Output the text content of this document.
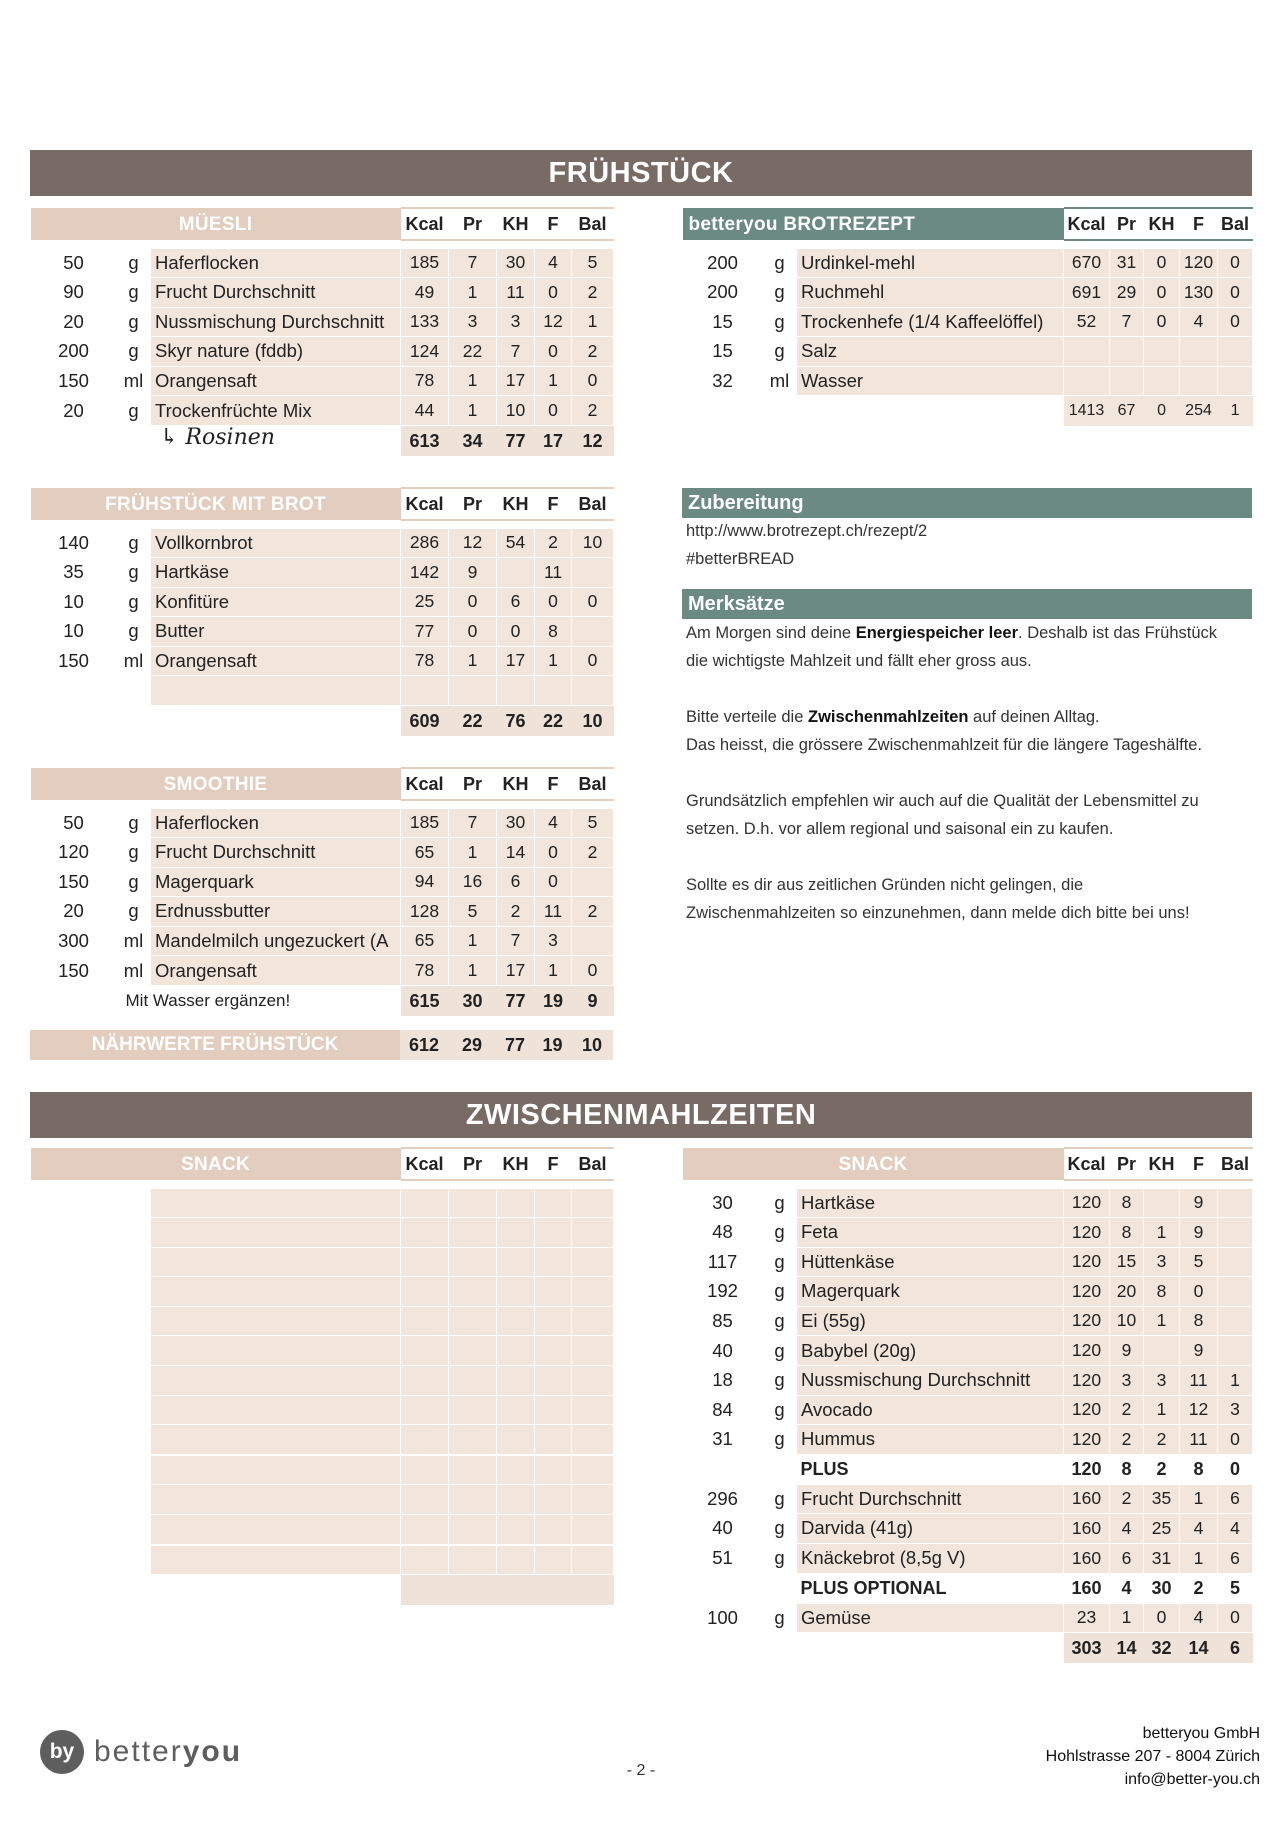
FRÜHSTÜCK
ZWISCHENMAHLZEITEN
MÜESLI			Kcal	Pr	KH	F	Bal

50	g	Haferflocken	185	7	30	4	5
90	g	Frucht Durchschnitt	49	1	11	0	2
20	g	Nussmischung Durchschnitt	133	3	3	12	1
200	g	Skyr nature (fddb)	124	22	7	0	2
150	ml	Orangensaft	78	1	17	1	0
20	g	Trockenfrüchte Mix	44	1	10	0	2
			613	34	77	17	12
↳ Rosinen
betteryou BROTREZEPT			Kcal	Pr	KH	F	Bal

200	g	Urdinkel-mehl	670	31	0	120	0
200	g	Ruchmehl	691	29	0	130	0
15	g	Trockenhefe (1/4 Kaffeelöffel)	52	7	0	4	0
15	g	Salz					
32	ml	Wasser					
			1413	67	0	254	1
FRÜHSTÜCK MIT BROT			Kcal	Pr	KH	F	Bal

140	g	Vollkornbrot	286	12	54	2	10
35	g	Hartkäse	142	9		11	
10	g	Konfitüre	25	0	6	0	0
10	g	Butter	77	0	0	8	
150	ml	Orangensaft	78	1	17	1	0

			609	22	76	22	10
SMOOTHIE			Kcal	Pr	KH	F	Bal

50	g	Haferflocken	185	7	30	4	5
120	g	Frucht Durchschnitt	65	1	14	0	2
150	g	Magerquark	94	16	6	0	
20	g	Erdnussbutter	128	5	2	11	2
300	ml	Mandelmilch ungezuckert (A	65	1	7	3	
150	ml	Orangensaft	78	1	17	1	0
Mit Wasser ergänzen!			615	30	77	19	9
NÄHRWERTE FRÜHSTÜCK	612	29	77	19	10
Zubereitung
http://www.brotrezept.ch/rezept/2
#betterBREAD
Merksätze
Am Morgen sind deine Energiespeicher leer. Deshalb ist das Frühstück
die wichtigste Mahlzeit und fällt eher gross aus.

Bitte verteile die Zwischenmahlzeiten auf deinen Alltag.
Das heisst, die grössere Zwischenmahlzeit für die längere Tageshälfte.

Grundsätzlich empfehlen wir auch auf die Qualität der Lebensmittel zu
setzen. D.h. vor allem regional und saisonal ein zu kaufen.

Sollte es dir aus zeitlichen Gründen nicht gelingen, die
Zwischenmahlzeiten so einzunehmen, dann melde dich bitte bei uns!
SNACK			Kcal	Pr	KH	F	Bal

						SNACK			Kcal	Pr	KH	F	Bal

30	g	Hartkäse	120	8		9	
48	g	Feta	120	8	1	9	
117	g	Hüttenkäse	120	15	3	5	
192	g	Magerquark	120	20	8	0	
85	g	Ei (55g)	120	10	1	8	
40	g	Babybel (20g)	120	9		9	
18	g	Nussmischung Durchschnitt	120	3	3	11	1
84	g	Avocado	120	2	1	12	3
31	g	Hummus	120	2	2	11	0
PLUS			120	8	2	8	0
296	g	Frucht Durchschnitt	160	2	35	1	6
40	g	Darvida (41g)	160	4	25	4	4
51	g	Knäckebrot (8,5g V)	160	6	31	1	6
PLUS OPTIONAL			160	4	30	2	5
100	g	Gemüse	23	1	0	4	0
			303	14	32	14	6
by betteryou
- 2 -
betteryou GmbH
Hohlstrasse 207 - 8004 Zürich
info@better-you.ch
